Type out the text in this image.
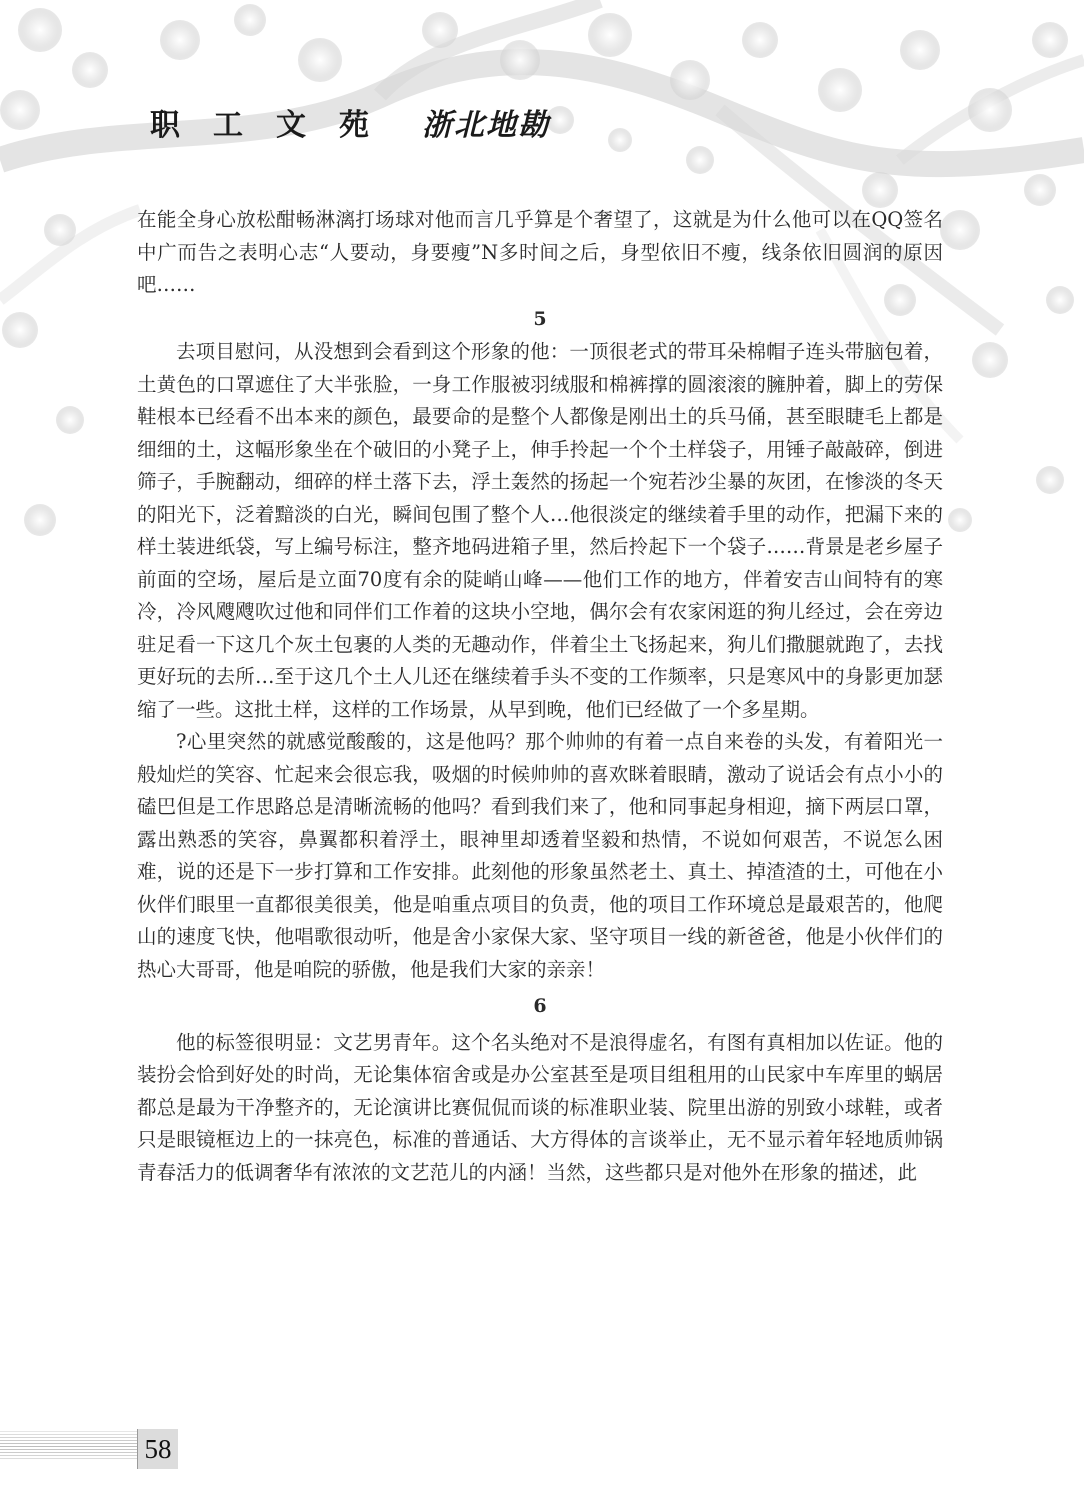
职工文苑 浙北地勘

在能全身心放松酣畅淋漓打场球对他而言几乎算是个奢望了，这就是为什么他可以在QQ签名中广而告之表明心志“人要动，身要瘦”N多时间之后，身型依旧不瘦，线条依旧圆润的原因吧……

5

去项目慰问，从没想到会看到这个形象的他：一顶很老式的带耳朵棉帽子连头带脑包着，土黄色的口罩遮住了大半张脸，一身工作服被羽绒服和棉裤撑的圆滚滚的臃肿着，脚上的劳保鞋根本已经看不出本来的颜色，最要命的是整个人都像是刚出土的兵马俑，甚至眼睫毛上都是细细的土，这幅形象坐在个破旧的小凳子上，伸手拎起一个个土样袋子，用锤子敲敲碎，倒进筛子，手腕翻动，细碎的样土落下去，浮土轰然的扬起一个宛若沙尘暴的灰团，在惨淡的冬天的阳光下，泛着黯淡的白光，瞬间包围了整个人…他很淡定的继续着手里的动作，把漏下来的样土装进纸袋，写上编号标注，整齐地码进箱子里，然后拎起下一个袋子……背景是老乡屋子前面的空场，屋后是立面70度有余的陡峭山峰——他们工作的地方，伴着安吉山间特有的寒冷，冷风飕飕吹过他和同伴们工作着的这块小空地，偶尔会有农家闲逛的狗儿经过，会在旁边驻足看一下这几个灰土包裹的人类的无趣动作，伴着尘土飞扬起来，狗儿们撒腿就跑了，去找更好玩的去所…至于这几个土人儿还在继续着手头不变的工作频率，只是寒风中的身影更加瑟缩了一些。这批土样，这样的工作场景，从早到晚，他们已经做了一个多星期。

?心里突然的就感觉酸酸的，这是他吗？那个帅帅的有着一点自来卷的头发，有着阳光一般灿烂的笑容、忙起来会很忘我，吸烟的时候帅帅的喜欢眯着眼睛，激动了说话会有点小小的磕巴但是工作思路总是清晰流畅的他吗？看到我们来了，他和同事起身相迎，摘下两层口罩，露出熟悉的笑容，鼻翼都积着浮土，眼神里却透着坚毅和热情，不说如何艰苦，不说怎么困难，说的还是下一步打算和工作安排。此刻他的形象虽然老土、真土、掉渣渣的土，可他在小伙伴们眼里一直都很美很美，他是咱重点项目的负责，他的项目工作环境总是最艰苦的，他爬山的速度飞快，他唱歌很动听，他是舍小家保大家、坚守项目一线的新爸爸，他是小伙伴们的热心大哥哥，他是咱院的骄傲，他是我们大家的亲亲！

6

他的标签很明显：文艺男青年。这个名头绝对不是浪得虚名，有图有真相加以佐证。他的装扮会恰到好处的时尚，无论集体宿舍或是办公室甚至是项目组租用的山民家中车库里的蜗居都总是最为干净整齐的，无论演讲比赛侃侃而谈的标准职业装、院里出游的别致小球鞋，或者只是眼镜框边上的一抹亮色，标准的普通话、大方得体的言谈举止，无不显示着年轻地质帅锅青春活力的低调奢华有浓浓的文艺范儿的内涵！当然，这些都只是对他外在形象的描述，此

58
